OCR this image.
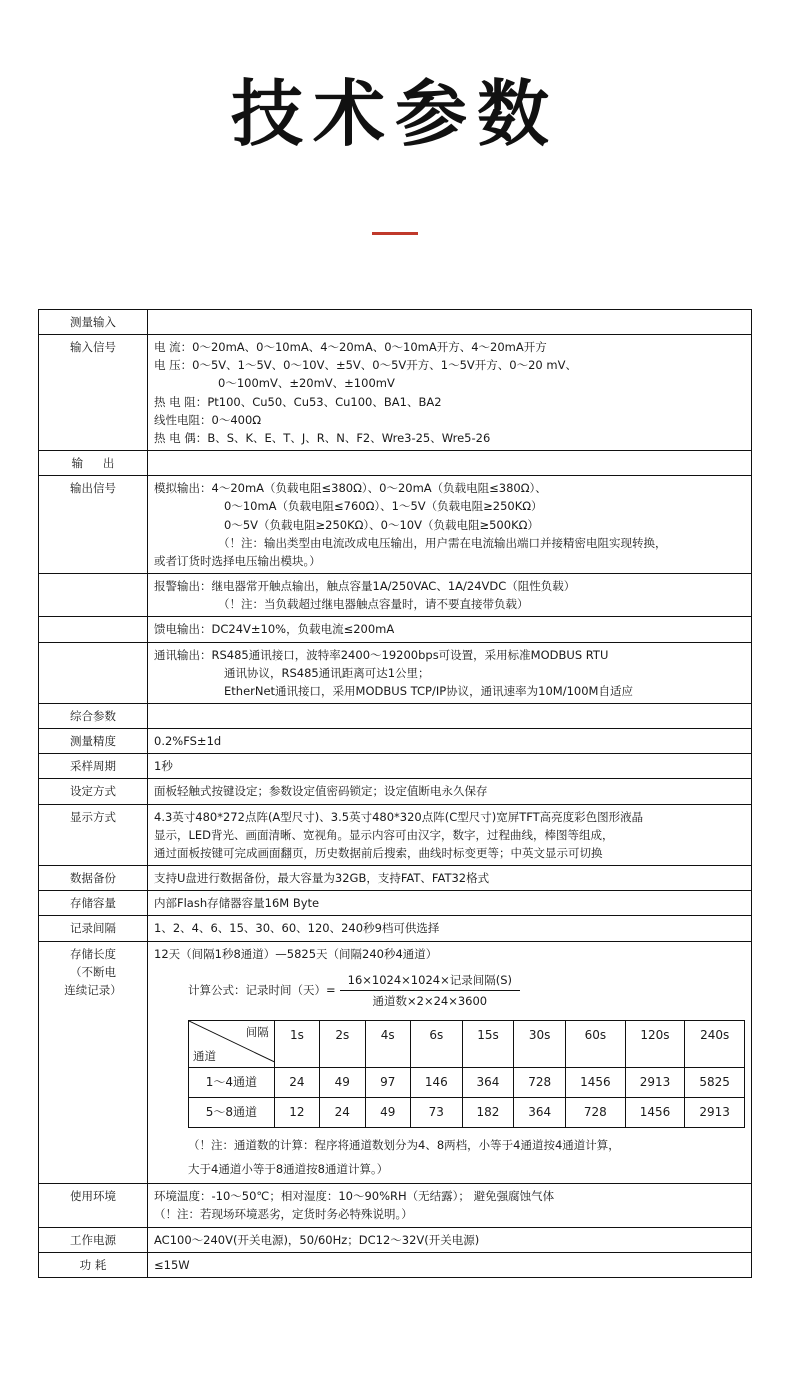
技术参数
测量输入	
输入信号	电 流： 0～20mA、0～10mA、4～20mA、0～10mA开方、4～20mA开方
电 压： 0～5V、1～5V、0～10V、±5V、0～5V开方、1～5V开方、0～20 mV、
0～100mV、±20mV、±100mV
热 电 阻： Pt100、Cu50、Cu53、Cu100、BA1、BA2
线性电阻： 0～400Ω
热 电 偶： B、S、K、E、T、J、R、N、F2、Wre3-25、Wre5-26

输 出	
输出信号	模拟输出： 4～20mA（负载电阻≤380Ω）、0～20mA（负载电阻≤380Ω）、
0～10mA（负载电阻≤760Ω）、1～5V（负载电阻≥250KΩ）
0～5V（负载电阻≥250KΩ）、0～10V（负载电阻≥500KΩ）
（！注：输出类型由电流改成电压输出，用户需在电流输出端口并接精密电阻实现转换，
或者订货时选择电压输出模块。）

报警输出： 继电器常开触点输出，触点容量1A/250VAC、1A/24VDC（阻性负载）
（！注：当负载超过继电器触点容量时，请不要直接带负载）

馈电输出： DC24V±10%，负载电流≤200mA

通讯输出： RS485通讯接口，波特率2400～19200bps可设置，采用标准MODBUS RTU
通讯协议，RS485通讯距离可达1公里；
EtherNet通讯接口，采用MODBUS TCP/IP协议，通讯速率为10M/100M自适应

综合参数	
测量精度	0.2%FS±1d
采样周期	1秒
设定方式	面板轻触式按键设定；参数设定值密码锁定；设定值断电永久保存
显示方式	4.3英寸480*272点阵(A型尺寸)、3.5英寸480*320点阵(C型尺寸)宽屏TFT高亮度彩色图形液晶
显示，LED背光、画面清晰、宽视角。显示内容可由汉字，数字，过程曲线，棒图等组成，
通过面板按键可完成画面翻页，历史数据前后搜索，曲线时标变更等；中英文显示可切换

数据备份	支持U盘进行数据备份，最大容量为32GB，支持FAT、FAT32格式
存储容量	内部Flash存储器容量16M Byte
记录间隔	1、2、4、6、15、30、60、120、240秒9档可供选择

存储长度
（不断电
连续记录）

12天（间隔1秒8通道）—5825天（间隔240秒4通道）
计算公式：记录时间（天）= $\frac{\text{16×1024×1024×记录间隔(S)}}{\text{通道数×2×24×3600}}$
间隔
通道
	1s	2s	4s	6s	15s	30s	60s	120s	240s
1～4通道	24	49	97	146	364	728	1456	2913	5825
5～8通道	12	24	49	73	182	364	728	1456	2913
（！注：通道数的计算：程序将通道数划分为4、8两档，小等于4通道按4通道计算，
大于4通道小等于8通道按8通道计算。）

使用环境	环境温度：-10～50℃；相对湿度：10～90%RH（无结露）； 避免强腐蚀气体
（！注：若现场环境恶劣，定货时务必特殊说明。）

工作电源	AC100～240V(开关电源)，50/60Hz；DC12～32V(开关电源)
功 耗	≤15W
